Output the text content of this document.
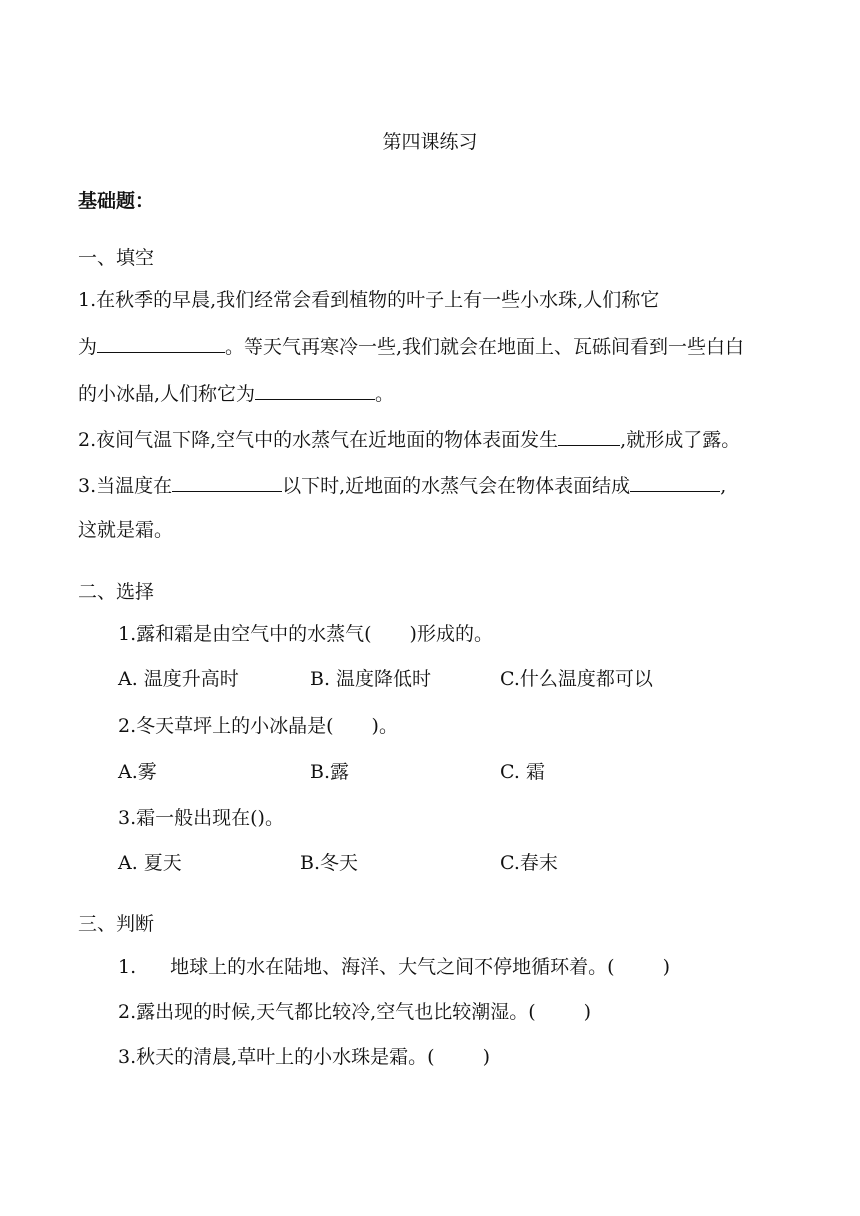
第四课练习
基础题：
一、填空
1.在秋季的早晨,我们经常会看到植物的叶子上有一些小水珠,人们称它
为	。等天气再寒冷一些,我们就会在地面上、瓦砾间看到一些白白
的小冰晶,人们称它为	。
2.夜间气温下降,空气中的水蒸气在近地面的物体表面发生	,就形成了露。
3.当温度在	以下时,近地面的水蒸气会在物体表面结成	,
这就是霜。
二、选择
1.露和霜是由空气中的水蒸气(　　)形成的。
A. 温度升高时	B. 温度降低时	C.什么温度都可以
2.冬天草坪上的小冰晶是(　　)。
A.雾	B.露	C. 霜
3.霜一般出现在()。
A. 夏天	B.冬天	C.春末
三、判断
1. 地球上的水在陆地、海洋、大气之间不停地循环着。(	)
2.露出现的时候,天气都比较冷,空气也比较潮湿。(	)
3.秋天的清晨,草叶上的小水珠是霜。(	)
